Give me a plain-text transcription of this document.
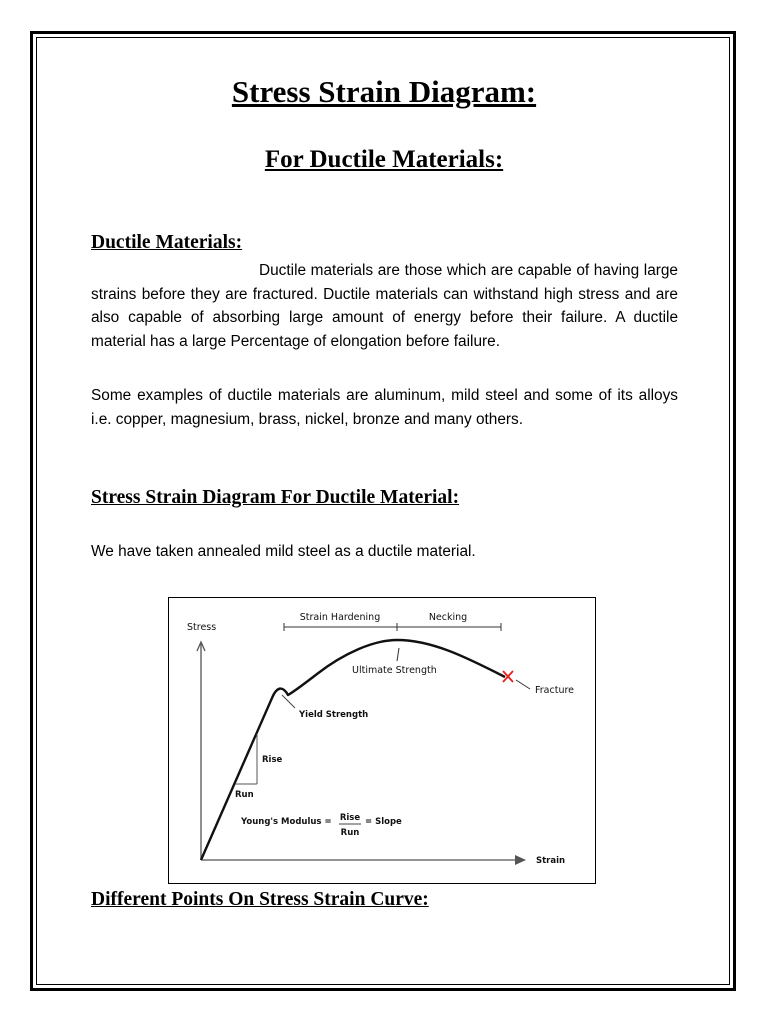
Stress Strain Diagram:
For Ductile Materials:
Ductile Materials:

Ductile materials are those which are capable of having large strains before they are fractured. Ductile materials can withstand high stress and are also capable of absorbing large amount of energy before their failure. A ductile material has a large Percentage of elongation before failure.

Some examples of ductile materials are aluminum, mild steel and some of its alloys i.e. copper, magnesium, brass, nickel, bronze and many others.

Stress Strain Diagram For Ductile Material:

We have taken annealed mild steel as a ductile material.

Stress
Strain
Strain Hardening	Necking
Fracture
Ultimate Strength
Yield Strength
Rise
Run
Young's Modulus = Rise
Run
= Slope
Different Points On Stress Strain Curve:
